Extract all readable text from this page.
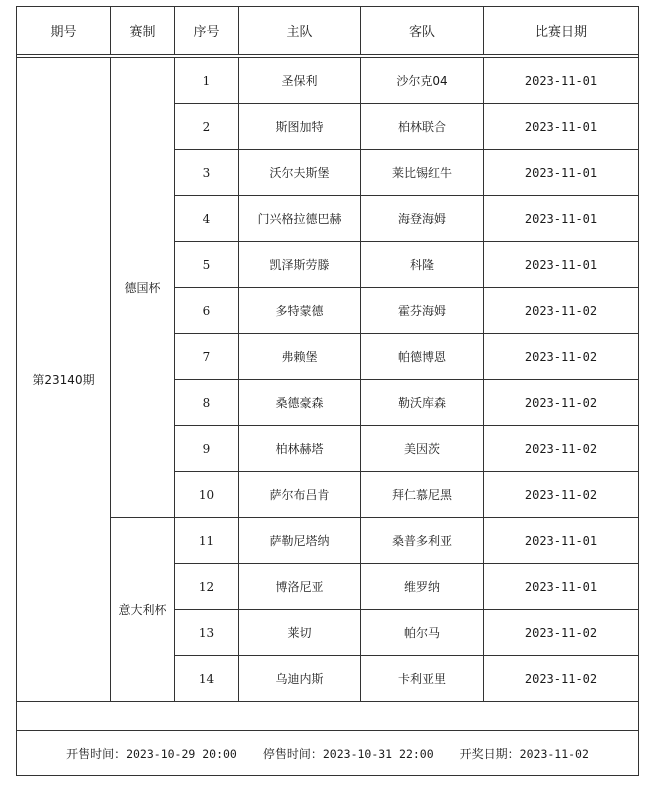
期号	赛制	序号	主队	客队	比赛日期

第23140期	德国杯	1	圣保利	沙尔克04	2023-11-01
		2	斯图加特	柏林联合	2023-11-01
		3	沃尔夫斯堡	莱比锡红牛	2023-11-01
		4	门兴格拉德巴赫	海登海姆	2023-11-01
		5	凯泽斯劳滕	科隆	2023-11-01
		6	多特蒙德	霍芬海姆	2023-11-02
		7	弗赖堡	帕德博恩	2023-11-02
		8	桑德豪森	勒沃库森	2023-11-02
		9	柏林赫塔	美因茨	2023-11-02
		10	萨尔布吕肯	拜仁慕尼黑	2023-11-02
	意大利杯	11	萨勒尼塔纳	桑普多利亚	2023-11-01
		12	博洛尼亚	维罗纳	2023-11-01
		13	莱切	帕尔马	2023-11-02
		14	乌迪内斯	卡利亚里	2023-11-02

开售时间：2023-10-29 20:00 停售时间：2023-10-31 22:00 开奖日期：2023-11-02					
